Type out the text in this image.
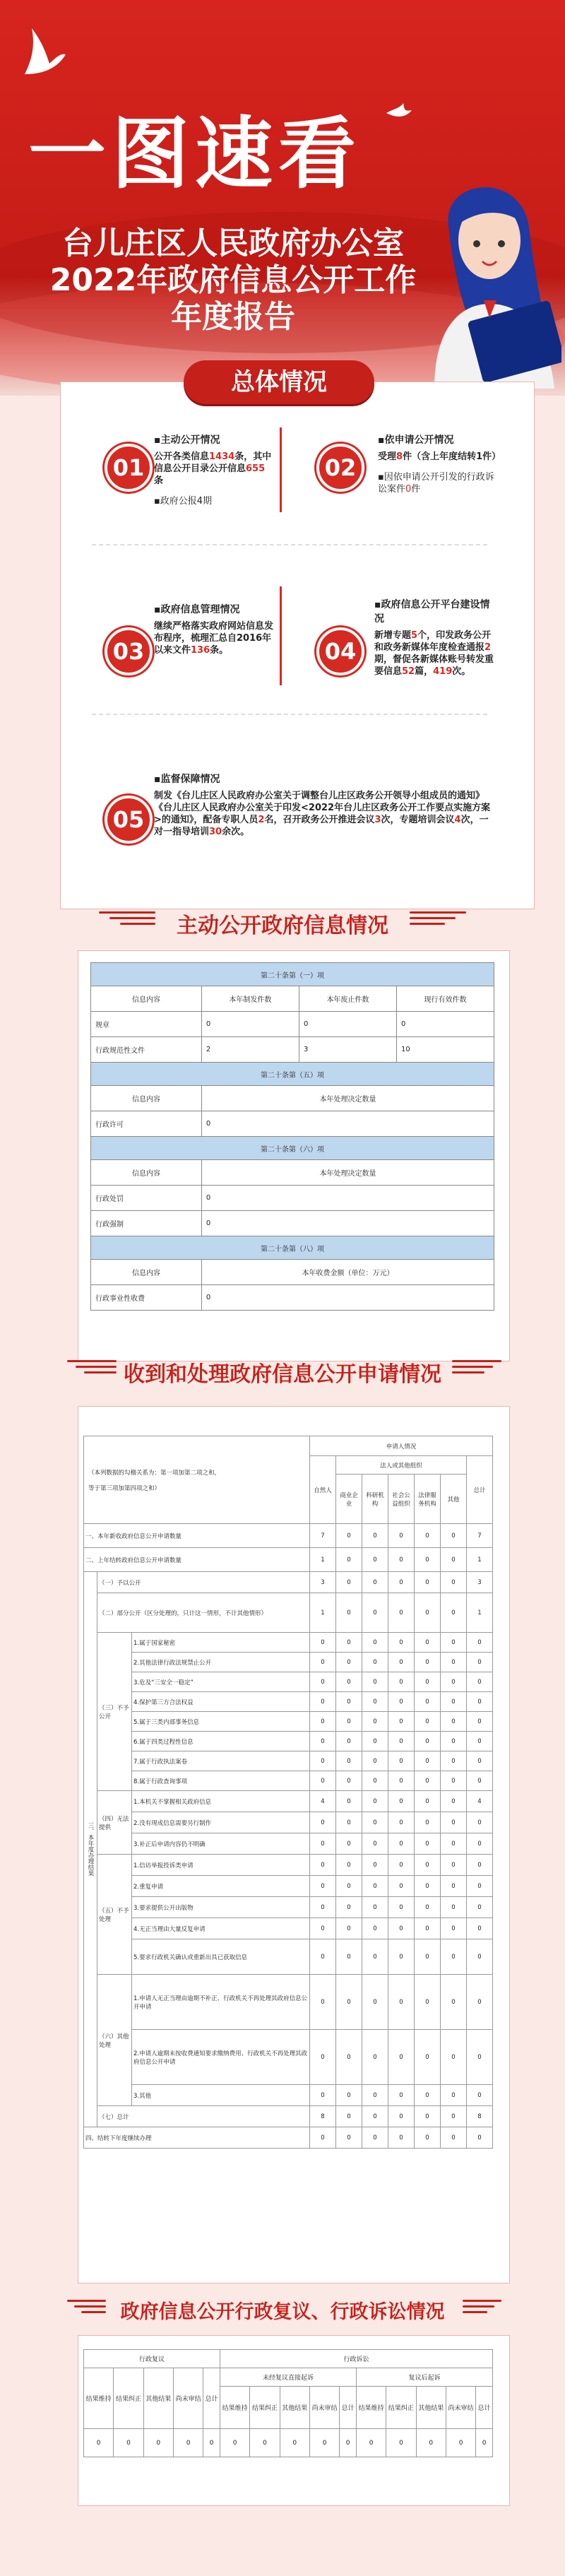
一图速看
台儿庄区人民政府办公室
2022年政府信息公开工作
年度报告
总体情况
01
▪主动公开情况
公开各类信息1434条，其中信息公开目录公开信息655条
▪政府公报4期
02
▪依申请公开情况
受理8件（含上年度结转1件）
▪因依申请公开引发的行政诉讼案件0件
03
▪政府信息管理情况
继续严格落实政府网站信息发布程序，梳理汇总自2016年以来文件136条。	04
▪政府信息公开平台建设情况
新增专题5个，印发政务公开和政务新媒体年度检查通报2期，督促各新媒体账号转发重要信息52篇，419次。
05
▪监督保障情况
制发《台儿庄区人民政府办公室关于调整台儿庄区政务公开领导小组成员的通知》《台儿庄区人民政府办公室关于印发<2022年台儿庄区政务公开工作要点实施方案>的通知》，配备专职人员2名，召开政务公开推进会议3次，专题培训会议4次，一对一指导培训30余次。
主动公开政府信息情况
第二十条第（一）项			
信息内容	本年制发件数	本年废止件数	现行有效件数
规章	0	0	0
行政规范性文件	2	3	10
第二十条第（五）项			
信息内容	本年处理决定数量		
行政许可	0		
第二十条第（六）项			
信息内容	本年处理决定数量		
行政处罚	0		
行政强制	0		
第二十条第（八）项			
信息内容	本年收费金额（单位：万元）		
行政事业性收费	0		
收到和处理政府信息公开申请情况
（本列数据的勾稽关系为：第一项加第二项之和，
等于第三项加第四项之和）			申请人情况						
			自然人	法人或其他组织					总计
				商业企业	科研机构	社会公益组织	法律服务机构	其他	
一、本年新收政府信息公开申请数量			7	0	0	0	0	0	7
二、上年结转政府信息公开申请数量			1	0	0	0	0	0	1
三、本年度办理结果	（一）予以公开		3	0	0	0	0	0	3
	（二）部分公开（区分处理的，只计这一情形，不计其他情形）		1	0	0	0	0	0	1
	（三）不予公开	1.属于国家秘密	0	0	0	0	0	0	0
		2.其他法律行政法规禁止公开	0	0	0	0	0	0	0
		3.危及“三安全一稳定”	0	0	0	0	0	0	0
		4.保护第三方合法权益	0	0	0	0	0	0	0
		5.属于三类内部事务信息	0	0	0	0	0	0	0
		6.属于四类过程性信息	0	0	0	0	0	0	0
		7.属于行政执法案卷	0	0	0	0	0	0	0
		8.属于行政查询事项	0	0	0	0	0	0	0
	（四）无法提供	1.本机关不掌握相关政府信息	4	0	0	0	0	0	4
		2.没有现成信息需要另行制作	0	0	0	0	0	0	0
		3.补正后申请内容仍不明确	0	0	0	0	0	0	0
	（五）不予处理	1.信访举报投诉类申请	0	0	0	0	0	0	0
		2.重复申请	0	0	0	0	0	0	0
		3.要求提供公开出版物	0	0	0	0	0	0	0
		4.无正当理由大量反复申请	0	0	0	0	0	0	0
		5.要求行政机关确认或重新出具已获取信息	0	0	0	0	0	0	0
	（六）其他处理	1.申请人无正当理由逾期不补正、行政机关不再处理其政府信息公开申请	0	0	0	0	0	0	0
		2.申请人逾期未按收费通知要求缴纳费用、行政机关不再处理其政府信息公开申请	0	0	0	0	0	0	0
		3.其他	0	0	0	0	0	0	0
	（七）总计		8	0	0	0	0	0	8
四、结转下年度继续办理			0	0	0	0	0	0	0
政府信息公开行政复议、行政诉讼情况
行政复议					行政诉讼									
结果维持	结果纠正	其他结果	尚未审结	总计	未经复议直接起诉					复议后起诉				
					结果维持	结果纠正	其他结果	尚未审结	总计	结果维持	结果纠正	其他结果	尚未审结	总计
0	0	0	0	0	0	0	0	0	0	0	0	0	0	0
